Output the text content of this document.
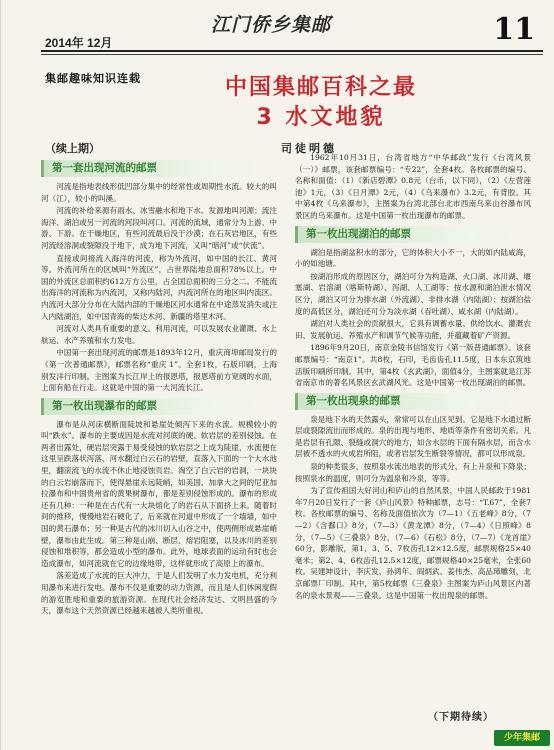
2014年 12月
江门侨乡集邮	11
集邮趣味知识连载	中国集邮百科之最
3 水文地貌
（续上期）	司徒明德
第一套出现河流的邮票

河流是指地表线形低凹部分集中的经常性或周期性水流。较大的叫河（江），较小的叫溪。

河流的补给来源有雨水、冰雪融水和地下水。发源地叫河源；流注海洋、湖泊或另一河流的河段叫河口。河流的流域，通常分为上游、中游、下游。在干燥地区，有些河流最后没于沙漠；在石灰岩地区，有些河流经溶洞或裂隙没于地下，成为地下河流，又叫“暗河”或“伏流”。

直接或间接流入海洋的河流，称为外流河，如中国的长江、黄河等。外流河所在的区域叫“外流区”，占世界陆地总面积78%以上。中国的外流区总面积约612万方公里，占全国总面积的三分之二。不能流出海洋的河流称为内流河，又称内陆河，内流河所在的地区叫内流区。内流河大部分分布在大陆内部的干燥地区河水通常在中途蒸发消失或注入内陆湖泊，如中国青海的柴达木河、新疆的塔里木河。

河流对人类具有重要的意义。利用河流，可以发展农业灌溉、水上航运、水产养殖和水力发电。

中国第一套出现河流的邮票是1893年12月，重庆商埠邮局发行的《第一次普通邮票》，邮票名称“重庆 1”。全套1枚，石版印刷，上海别发洋行印制。主图案为长江岸上的报恩塔，报恩塔前方宽阔的水面，上面有船在行走。这就是中国的第一大河流长江。

第一枚出现瀑布的邮票

瀑布是从河床横断面陡坡和悬崖处倾泻下来的水流。规模较小的叫“跌水”。瀑布的主要成因是水流对河底的硬、软岩层的差别侵蚀。在两者出露处，硬岩层突露于易受侵蚀的软岩层之上成为陡崖，水流便在这里呈跌落状泻落，河水翻过白云石的岩壁，直落入下面的一个大水池里，翻滚流飞的水流不休止地浸蚀页岩。淘空了白云岩的岩洞，一块块的白云岩崩落而下，使得悬崖永远陡峭，如美国、加拿大之间的尼亚加拉瀑布和中国贵州省的黄果树瀑布，都是差别侵蚀形成的。瀑布的形成还有几种：一种是在古代有一大块熔化了的岩石从下面挤上来。随着时间的推移，慢慢地岩石硬化了，后来就在河道中形成了一个墙墙，如中国的黄石瀑布；另一种是古代的冰川切入山谷之中，使两侧形成悬崖峭壁，瀑布由此生成。第三种是山崩、断层、熔岩阻塞，以及冰川的差别侵蚀和堆积等，都会造成小型的瀑布。此外，地球表面的运动有时也会造成瀑布，如河流就在它的边缘地带，这样就形成了高原上的瀑布。

落差造成了水流的巨大冲力，于是人们发明了水力发电机，充分利用瀑布来进行发电。瀑布不仅是重要的动力资源，而且是人们休闲度假的游览胜地和重要的旅游资源。在现代社会经济发达、文明昌盛的今天，瀑布这个天然资源已经越来越被人类所重视。

1962年10月31日，台湾省地方“中华邮政”发行《台湾风景（一）》邮票，该套邮票编号：“专22”，全套4枚。各枚邮票的编号、名称和面值：（1）《新店碧潭》0.8元（台币，以下同），（2）《左营莲池》1元，（3）《日月潭》2元，（4）《乌来瀑布》3.2元，有背胶。其中第4枚《乌来瀑布》，主图案为台湾北部台北市西南乌来山谷瀑布风景区的乌来瀑布。这是中国第一枚出现瀑布的邮票。

第一枚出现湖泊的邮票

湖泊是指湖盆积水的部分，它的体积大小不一，大的如内陆咸海，小的如池塘。

按湖泊形成的原因区分，湖泊可分为构造湖、火口湖、冰川湖、堰塞湖、岩溶湖（喀斯特湖）、泻湖、人工湖等；按水源和湖泊泄水情况区分，湖泊又可分为排水湖（外流湖）、非排水湖（内陆湖）；按湖泊盐度的高低区分，湖泊还可分为淡水湖（吞吐湖）、咸水湖（内陆湖）。

湖泊对人类社会的贡献很大，它具有调蓄水量、供给饮水、灌溉农田、发展航运、养殖水产和调节气候等功能，并蕴藏着矿产资源。

1896年9月20日，南京金陵书信馆发行《第一版普通邮票》。该套邮票编号：“南京1”。共8枚，石印，毛齿齿孔11.5度，日本东京筑地活版印刷所印制。其中，第4枚《玄武湖》，面值4分，主图案就是江苏省南京市的著名风景区玄武湖风光。这是中国第一枚出现湖泊的邮票。

第一枚出现泉的邮票

泉是地下水的天然露头，常常可以在山区见到。它是地下水通过断层或裂隙流出而形成的。泉的出现与地形、地质等条件有密切关系。凡是岩层有孔隙、裂缝或洞穴的地方，如含水层的下面有隔水层，而含水层被不透水的火成岩所阻，或者岩层发生断裂等情况，都可以形成泉。

泉的种类很多，按照泉水流出地表的形式分，有上升泉和下降泉；按照泉水的温度，则可分为温泉和冷泉，等等。

为了宣传祖国大好河山和庐山的自然风景，中国人民邮政于1981年7月20日发行了一套《庐山风景》特种邮票，志号：“T.67”，全套7枚。各枚邮票的编号、名称及面值依次为（7—1）《五老峰》8分，（7—2）《含鄱口》8分，（7—3）《黄龙潭》8分，（7—4）《日照峰》8分，（7—5）《三叠泉》8分，（7—6）《石松》8分，（7—7）《龙首崖》60分，影雕版，第1、3、5、7枚齿孔12×12.5度，邮票规格25×40毫米；第2、4、6枚齿孔12.5×12度，邮票规格40×25毫米，全张60枚。吴建坤设计，李庆发、孙鸿年、阎炳武、姜伟杰、高品璋雕刻，北京邮票厂印制。其中，第5枚邮票《三叠泉》主图案为庐山风景区内著名的泉水景观——三叠泉。这是中国第一枚出现泉的邮票。

（下期待续）
少年集邮
